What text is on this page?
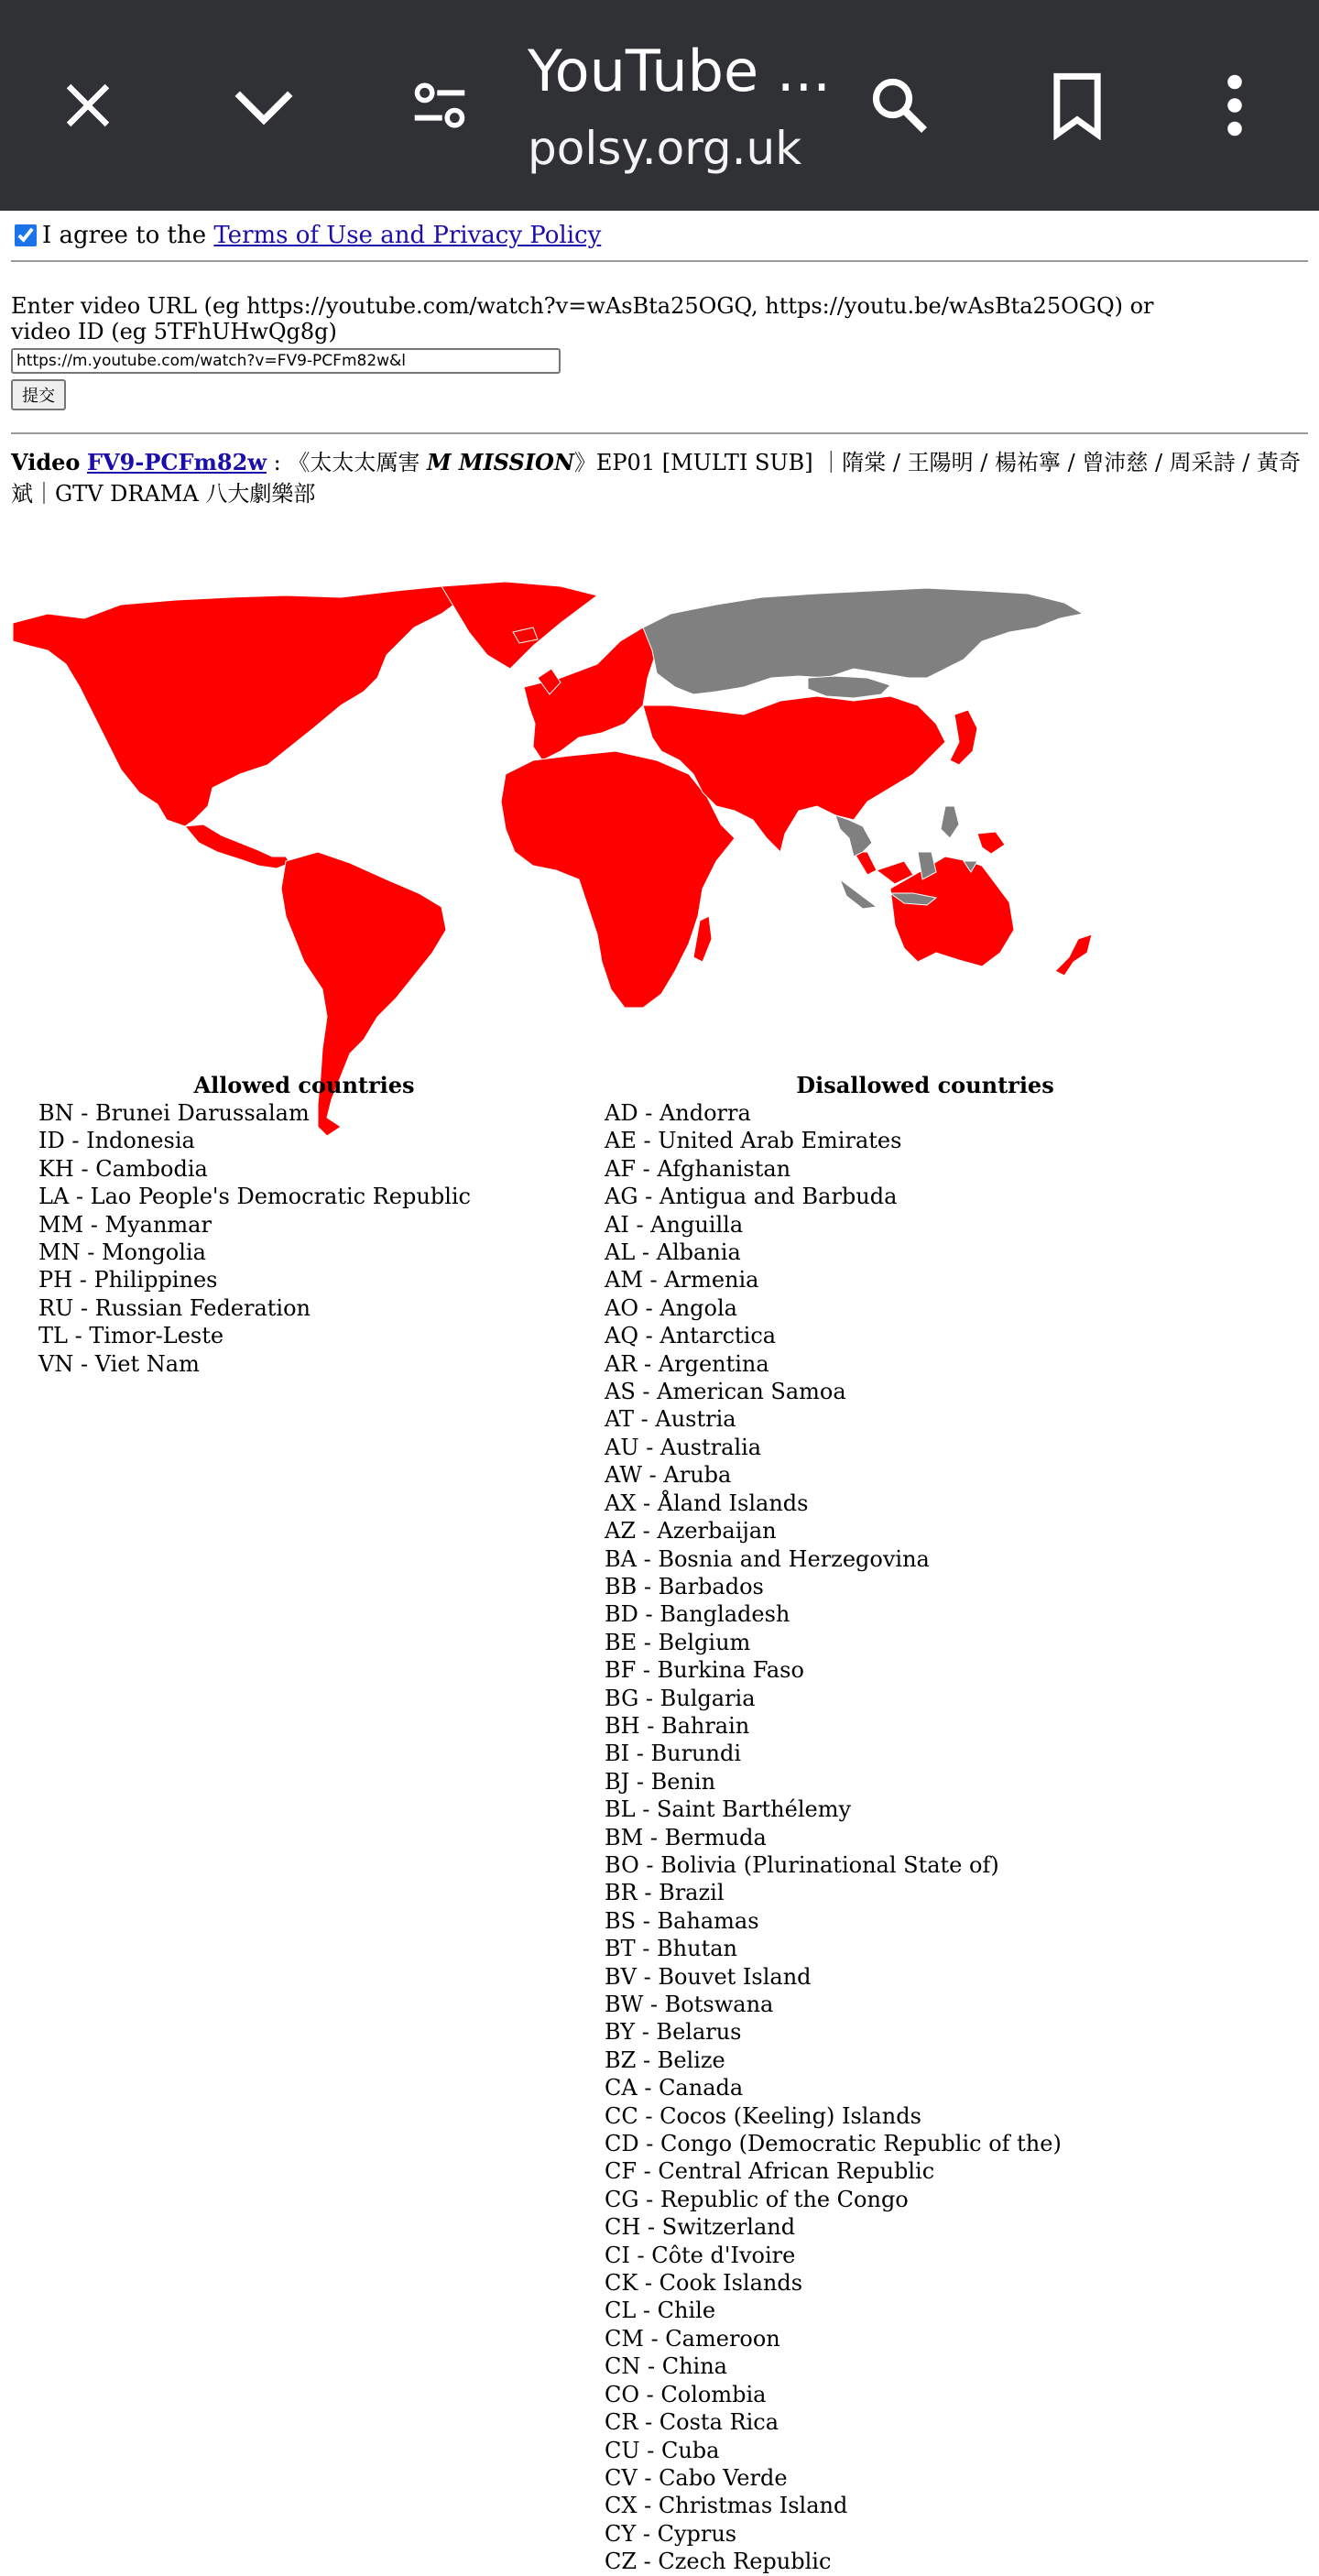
YouTube ...
polsy.org.uk
I agree to the
Terms of Use and Privacy Policy
Enter video URL (eg https://youtube.com/watch?v=wAsBta25OGQ, https://youtu.be/wAsBta25OGQ) or video ID (eg 5TFhUHwQg8g)
https://m.youtube.com/watch?v=FV9-PCFm82w&l
提交
Video FV9-PCFm82w : 《太太太厲害 M MISSION》EP01 [MULTI SUB] ｜隋棠 / 王陽明 / 楊祐寧 / 曾沛慈 / 周采詩 / 黃奇斌｜GTV DRAMA 八大劇樂部
Allowed countries
BN - Brunei Darussalam
ID - Indonesia
KH - Cambodia
LA - Lao People's Democratic Republic
MM - Myanmar
MN - Mongolia
PH - Philippines
RU - Russian Federation
TL - Timor-Leste
VN - Viet Nam
Disallowed countries
AD - Andorra
AE - United Arab Emirates
AF - Afghanistan
AG - Antigua and Barbuda
AI - Anguilla
AL - Albania
AM - Armenia
AO - Angola
AQ - Antarctica
AR - Argentina
AS - American Samoa
AT - Austria
AU - Australia
AW - Aruba
AX - Åland Islands
AZ - Azerbaijan
BA - Bosnia and Herzegovina
BB - Barbados
BD - Bangladesh
BE - Belgium
BF - Burkina Faso
BG - Bulgaria
BH - Bahrain
BI - Burundi
BJ - Benin
BL - Saint Barthélemy
BM - Bermuda
BO - Bolivia (Plurinational State of)
BR - Brazil
BS - Bahamas
BT - Bhutan
BV - Bouvet Island
BW - Botswana
BY - Belarus
BZ - Belize
CA - Canada
CC - Cocos (Keeling) Islands
CD - Congo (Democratic Republic of the)
CF - Central African Republic
CG - Republic of the Congo
CH - Switzerland
CI - Côte d'Ivoire
CK - Cook Islands
CL - Chile
CM - Cameroon
CN - China
CO - Colombia
CR - Costa Rica
CU - Cuba
CV - Cabo Verde
CX - Christmas Island
CY - Cyprus
CZ - Czech Republic
